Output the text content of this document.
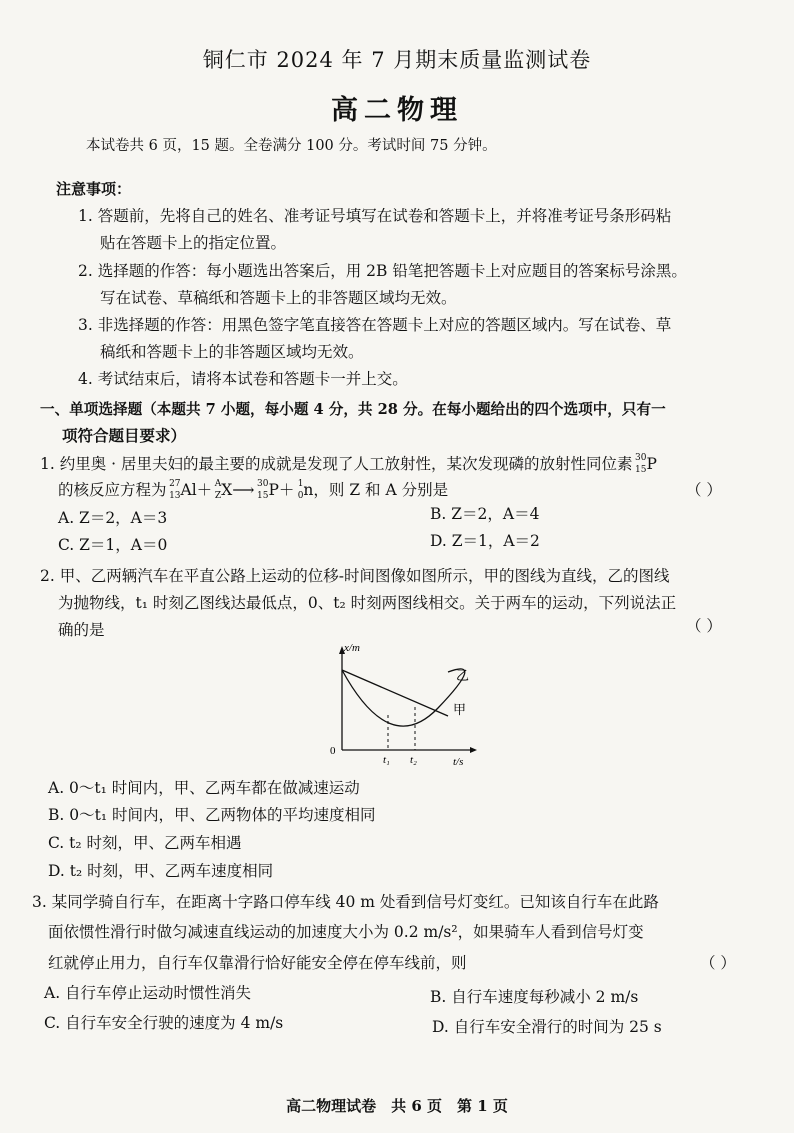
铜仁市 2024 年 7 月期末质量监测试卷
高二物理
本试卷共 6 页，15 题。全卷满分 100 分。考试时间 75 分钟。
注意事项：
1. 答题前，先将自己的姓名、准考证号填写在试卷和答题卡上，并将准考证号条形码粘
贴在答题卡上的指定位置。
2. 选择题的作答：每小题选出答案后，用 2B 铅笔把答题卡上对应题目的答案标号涂黑。
写在试卷、草稿纸和答题卡上的非答题区域均无效。
3. 非选择题的作答：用黑色签字笔直接答在答题卡上对应的答题区域内。写在试卷、草
稿纸和答题卡上的非答题区域均无效。
4. 考试结束后，请将本试卷和答题卡一并上交。
一、单项选择题（本题共 7 小题，每小题 4 分，共 28 分。在每小题给出的四个选项中，只有一
项符合题目要求）
1. 约里奥 · 居里夫妇的最主要的成就是发现了人工放射性，某次发现磷的放射性同位素 30
15 P
的核反应方程为 27
13 Al＋ A
Z X⟶ 30
15 P＋ 1
0 n，则 Z 和 A 分别是	（ ）
A. Z＝2，A＝3	B. Z＝2，A＝4
C. Z＝1，A＝0	D. Z＝1，A＝2
2. 甲、乙两辆汽车在平直公路上运动的位移-时间图像如图所示，甲的图线为直线，乙的图线
为抛物线，t₁ 时刻乙图线达最低点，0、t₂ 时刻两图线相交。关于两车的运动，下列说法正
确的是	（ ）
x/m
t/s
0
t₁ t₂
乙
甲
A. 0～t₁ 时间内，甲、乙两车都在做减速运动
B. 0～t₁ 时间内，甲、乙两物体的平均速度相同
C. t₂ 时刻，甲、乙两车相遇
D. t₂ 时刻，甲、乙两车速度相同
3. 某同学骑自行车，在距离十字路口停车线 40 m 处看到信号灯变红。已知该自行车在此路
面依惯性滑行时做匀减速直线运动的加速度大小为 0.2 m/s²，如果骑车人看到信号灯变
红就停止用力，自行车仅靠滑行恰好能安全停在停车线前，则	（ ）
A. 自行车停止运动时惯性消失	B. 自行车速度每秒减小 2 m/s
C. 自行车安全行驶的速度为 4 m/s	D. 自行车安全滑行的时间为 25 s
高二物理试卷　共 6 页　第 1 页
